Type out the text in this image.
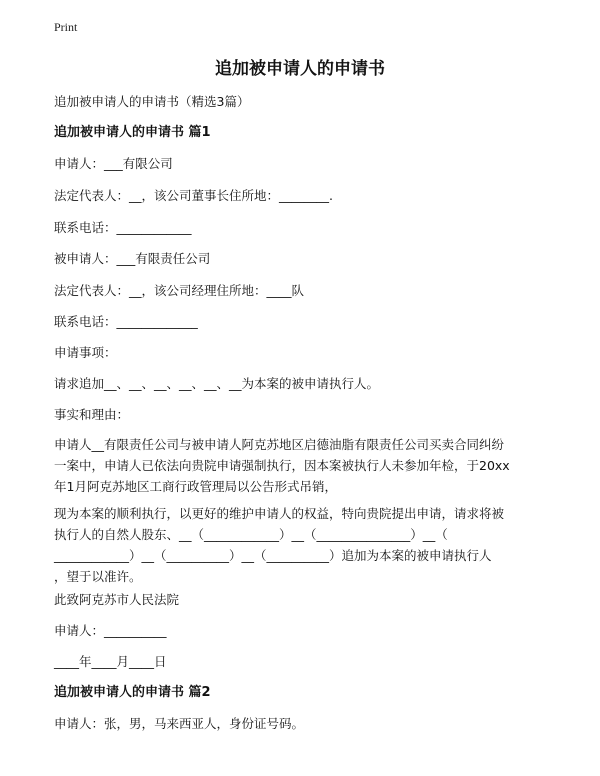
Print
追加被申请人的申请书
追加被申请人的申请书（精选3篇）
追加被申请人的申请书 篇1
申请人：___有限公司
法定代表人：__，该公司董事长住所地：________.
联系电话：____________
被申请人：___有限责任公司
法定代表人：__，该公司经理住所地：____队
联系电话：_____________
申请事项：
请求追加__、__、__、__、__、__为本案的被申请执行人。
事实和理由：
申请人__有限责任公司与被申请人阿克苏地区启德油脂有限责任公司买卖合同纠纷
一案中，申请人已依法向贵院申请强制执行，因本案被执行人未参加年检，于20xx
年1月阿克苏地区工商行政管理局以公告形式吊销，
现为本案的顺利执行，以更好的维护申请人的权益，特向贵院提出申请，请求将被
执行人的自然人股东、__（____________）__（_______________）__（
____________）__（__________）__（__________）追加为本案的被申请执行人
，望于以准许。
此致阿克苏市人民法院
申请人：__________
____年____月____日
追加被申请人的申请书 篇2
申请人：张，男，马来西亚人，身份证号码。
